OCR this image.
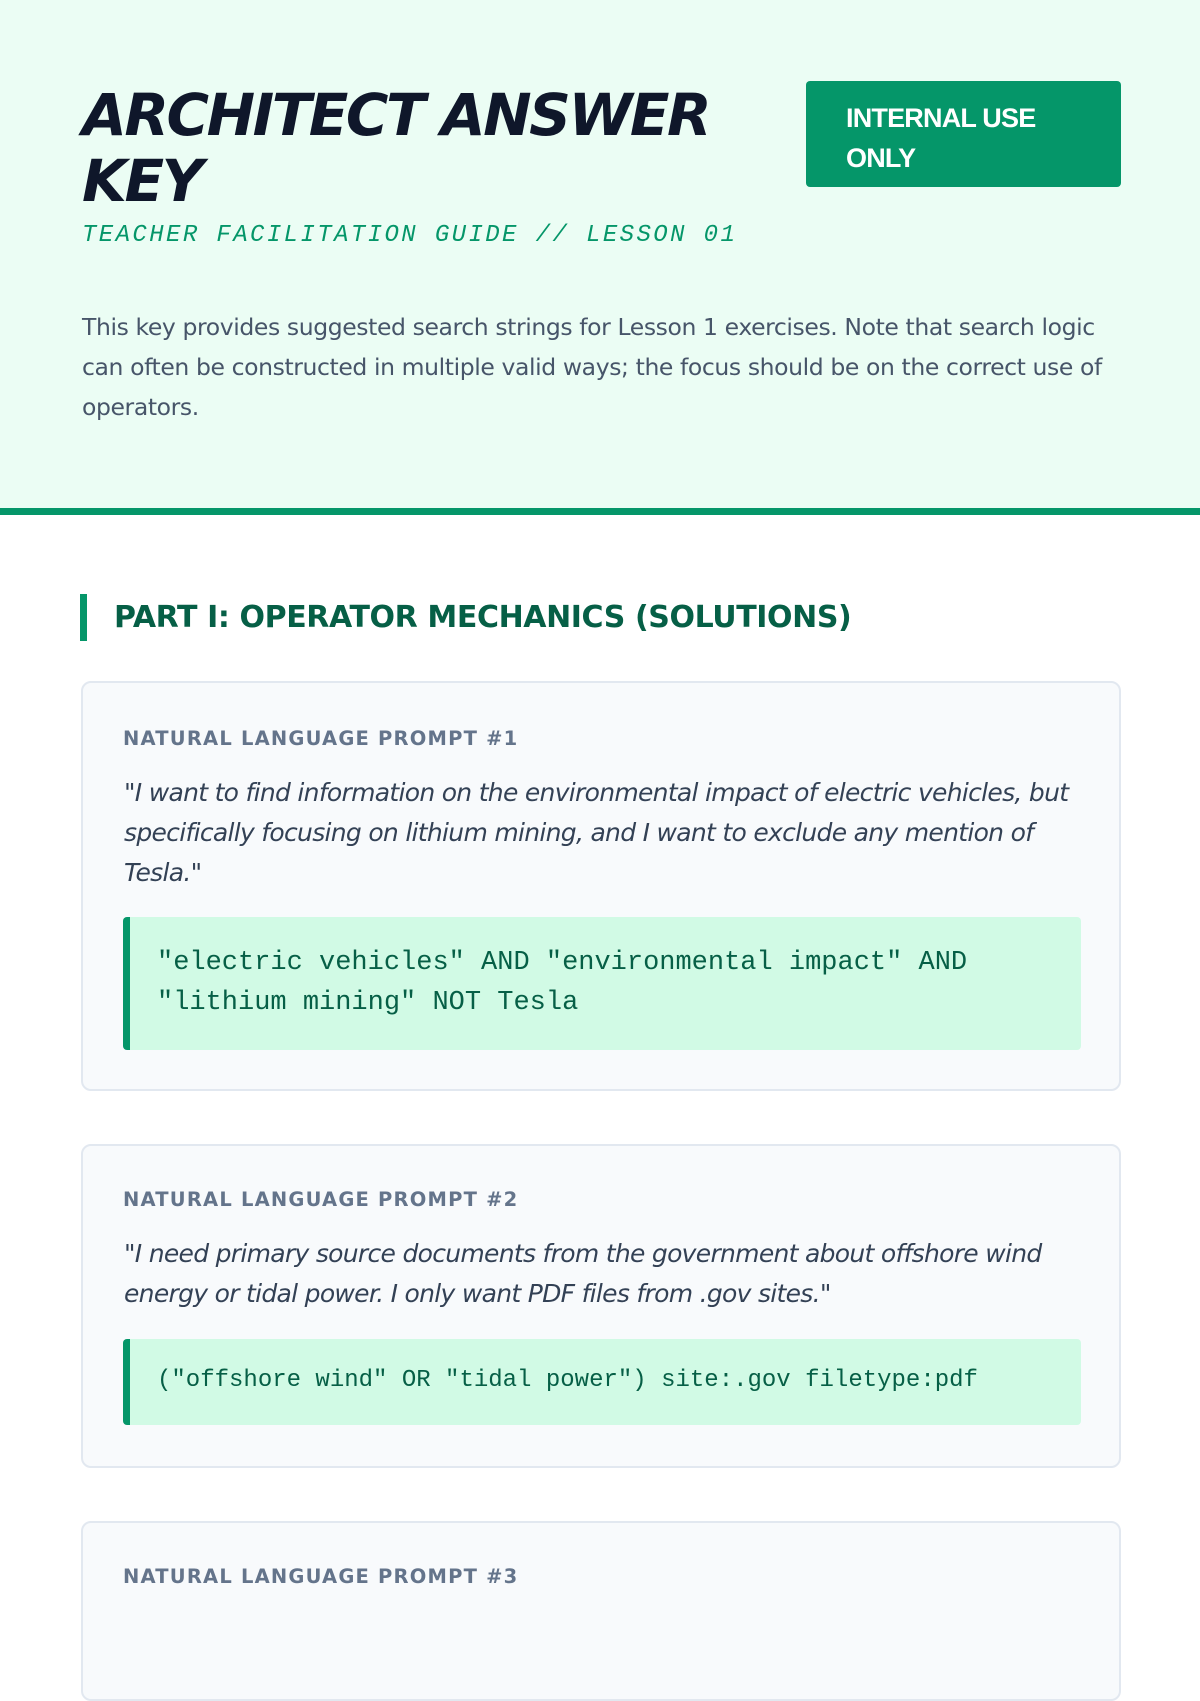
ARCHITECT ANSWER KEY
INTERNAL USE ONLY
TEACHER FACILITATION GUIDE // LESSON 01

This key provides suggested search strings for Lesson 1 exercises. Note that search logic can often be constructed in multiple valid ways; the focus should be on the correct use of operators.

PART I: OPERATOR MECHANICS (SOLUTIONS)
NATURAL LANGUAGE PROMPT #1

"I want to find information on the environmental impact of electric vehicles, but specifically focusing on lithium mining, and I want to exclude any mention of Tesla."

"electric vehicles" AND "environmental impact" AND "lithium mining" NOT Tesla
NATURAL LANGUAGE PROMPT #2

"I need primary source documents from the government about offshore wind energy or tidal power. I only want PDF files from .gov sites."

("offshore wind" OR "tidal power") site:.gov filetype:pdf
NATURAL LANGUAGE PROMPT #3
